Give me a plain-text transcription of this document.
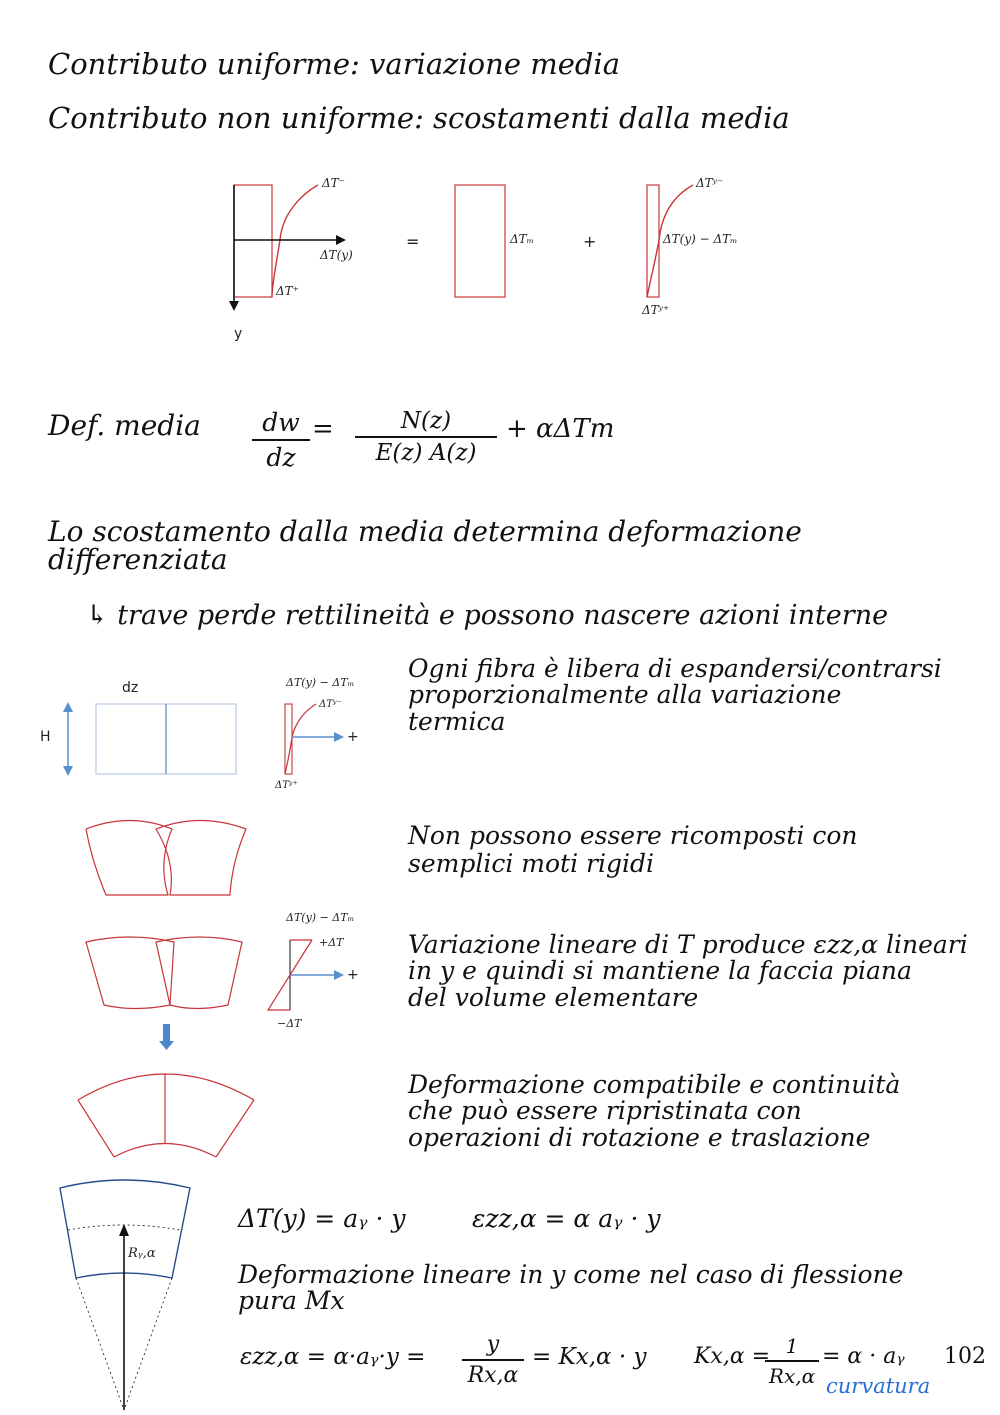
Contributo uniforme: variazione media
Contributo non uniforme: scostamenti dalla media
ΔT⁻
ΔT(y)
ΔT⁺
y
=	ΔTₘ	+
ΔTʸ⁻
ΔT(y) − ΔTₘ
ΔTʸ⁺
Def. media $\frac{dw}{dz} = \frac{N(z)}{E(z) A(z)} + \alpha\Delta Tm$
Lo scostamento dalla media determina deformazione
differenziata
↳ trave perde rettilineità e possono nascere azioni interne
dz
H
ΔT(y) − ΔTₘ
ΔTʸ⁻
+
ΔTʸ⁺
Ogni fibra è libera di espandersi/contrarsi
proporzionalmente alla variazione
termica
Non possono essere ricomposti con
semplici moti rigidi
ΔT(y) − ΔTₘ
+ΔT
+
−ΔT
Variazione lineare di T produce εzz,α lineari
in y e quindi si mantiene la faccia piana
del volume elementare
Deformazione compatibile e continuità
che può essere ripristinata con
operazioni di rotazione e traslazione
Rᵧ,α
ΔT(y) = aᵧ · y	εzz,α = α aᵧ · y
Deformazione lineare in y come nel caso di flessione
pura Mx
εzz,α = α·aᵧ·y = $\frac{y}{Rx,\alpha} = Kx,\alpha \cdot y$ Kx,α =
$\frac{1}{Rx,\alpha} = \alpha$ · aᵧ 102
curvatura
